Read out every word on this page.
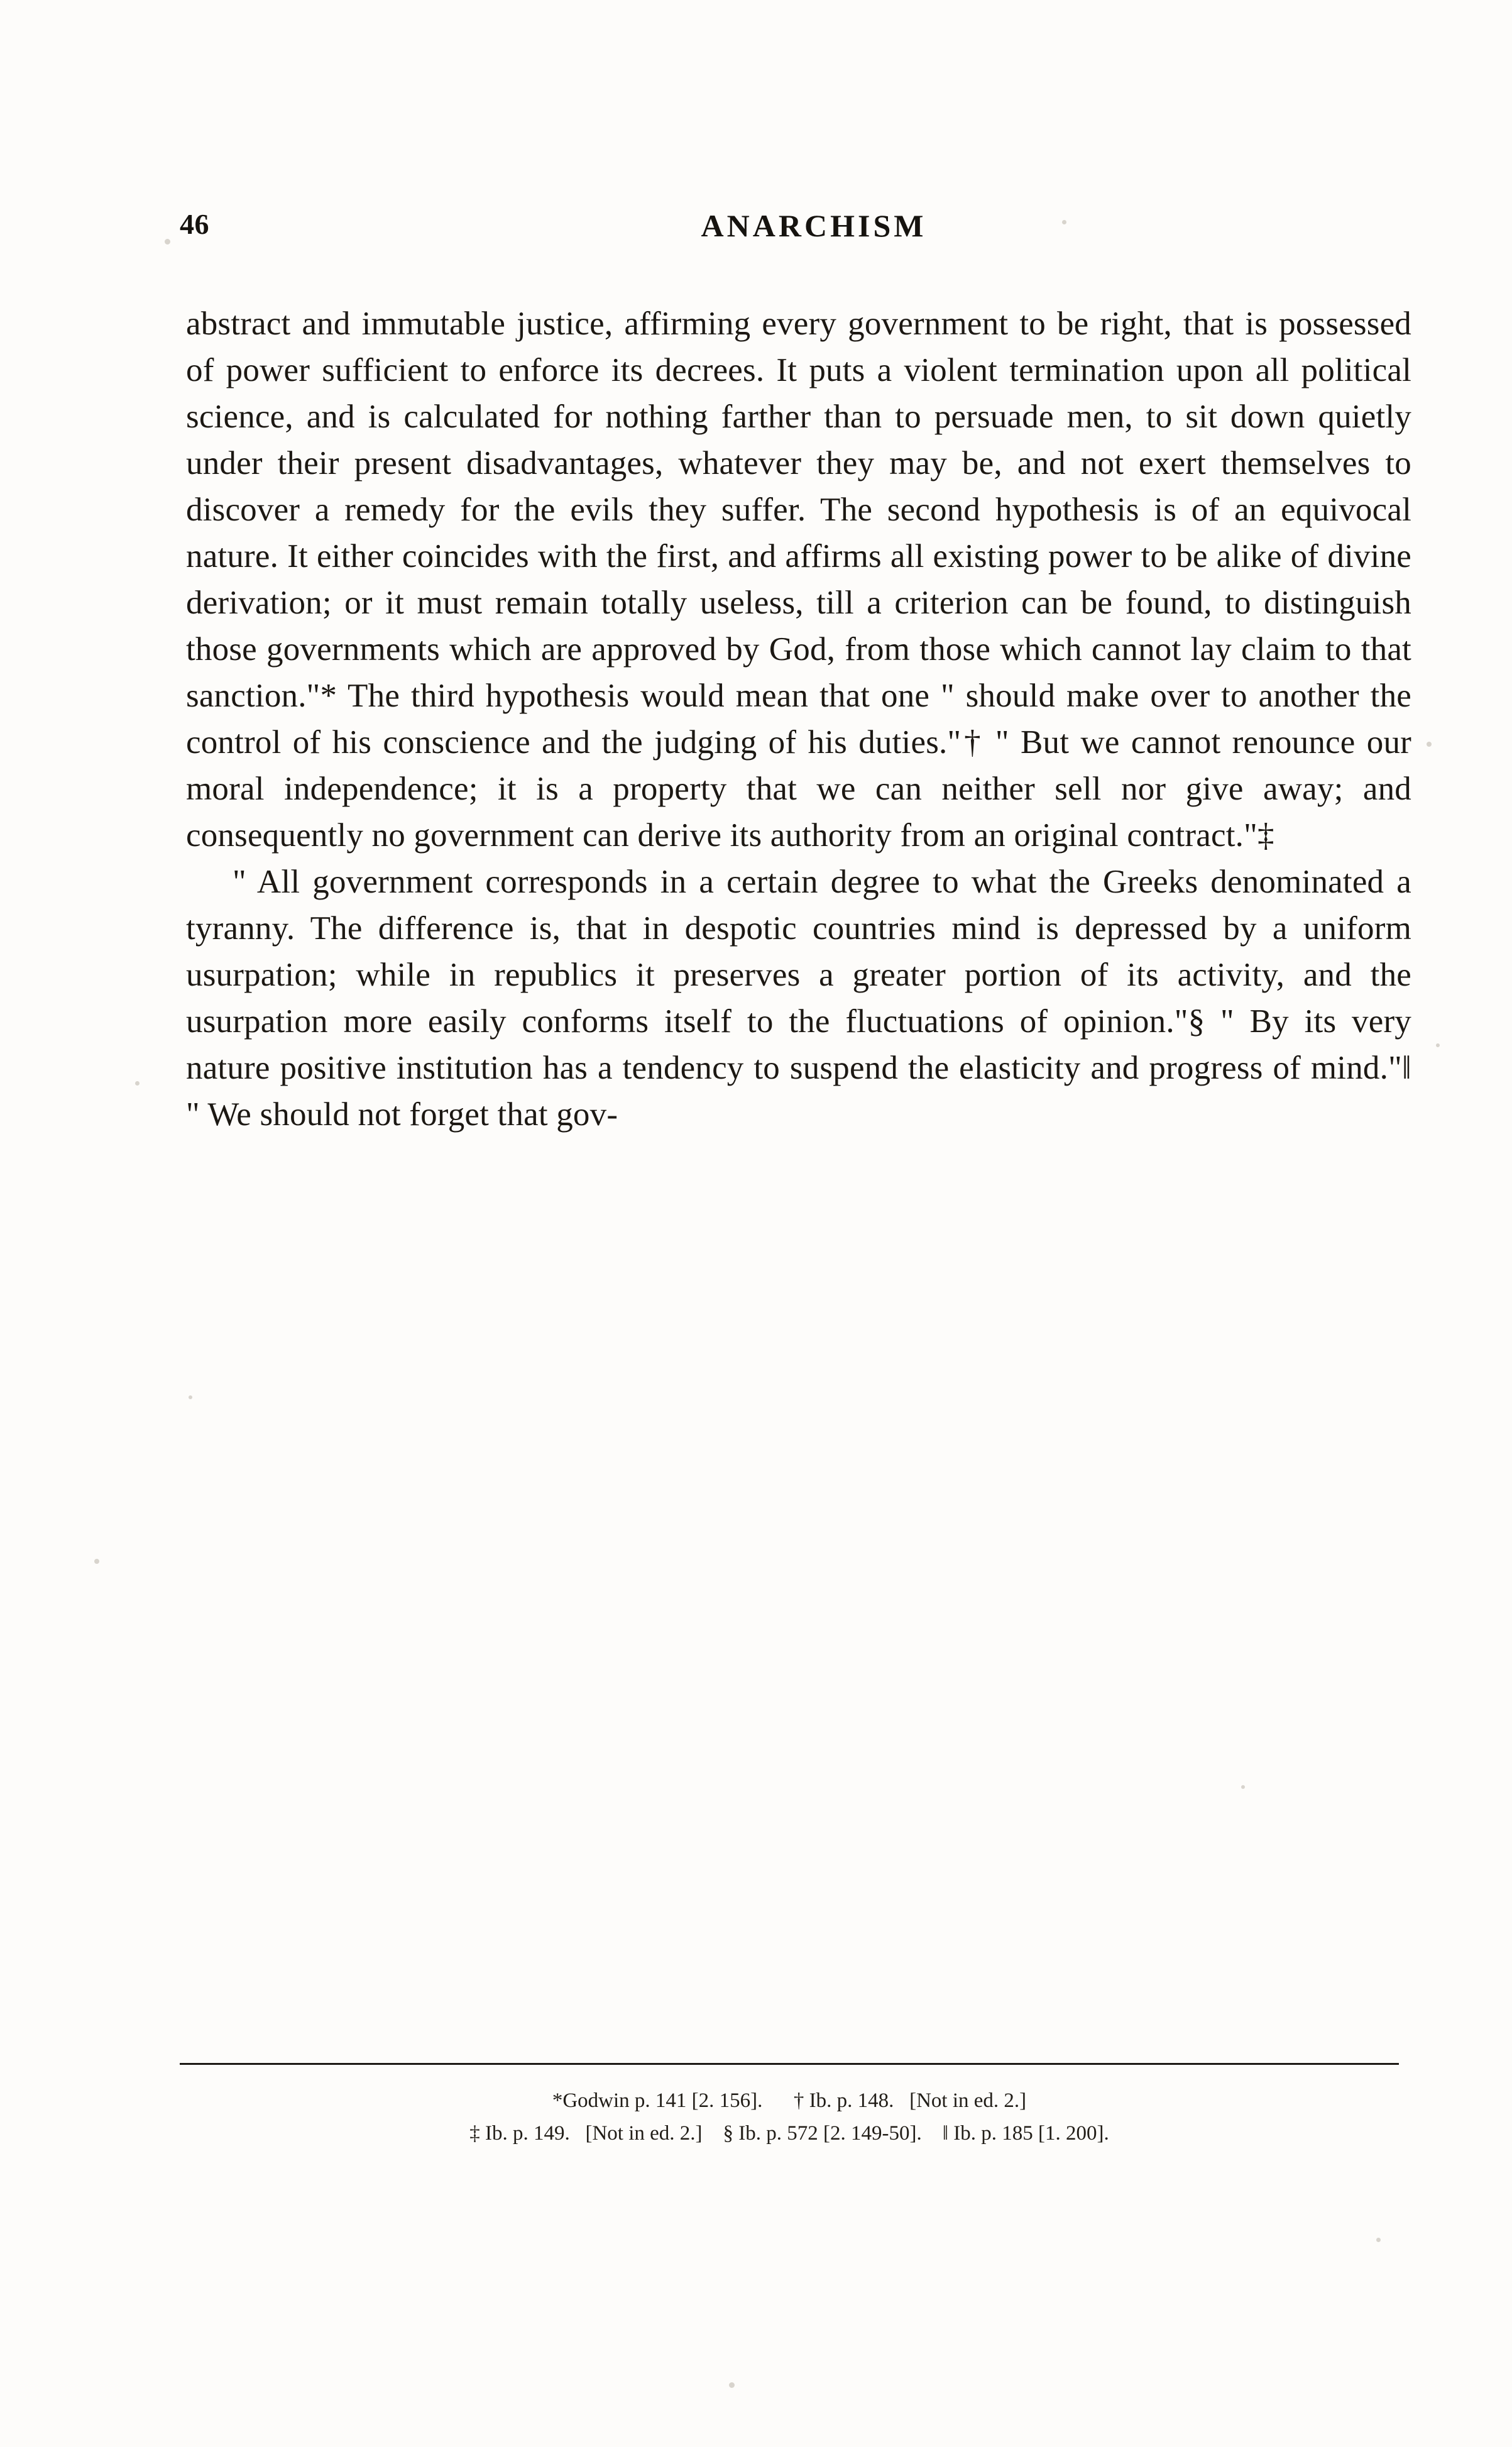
46	ANARCHISM

abstract and immutable justice, affirming every government to be right, that is possessed of power sufficient to enforce its decrees. It puts a violent termination upon all political science, and is calculated for nothing farther than to persuade men, to sit down quietly under their present disadvantages, whatever they may be, and not exert themselves to discover a remedy for the evils they suffer. The second hypothesis is of an equivocal nature. It either coincides with the first, and affirms all existing power to be alike of divine derivation; or it must remain totally useless, till a criterion can be found, to distinguish those governments which are approved by God, from those which cannot lay claim to that sanction."* The third hypothesis would mean that one " should make over to another the control of his conscience and the judging of his duties."† " But we cannot renounce our moral independence; it is a property that we can neither sell nor give away; and consequently no government can derive its authority from an original contract."‡

" All government corresponds in a certain degree to what the Greeks denominated a tyranny. The difference is, that in despotic countries mind is depressed by a uniform usurpation; while in republics it preserves a greater portion of its activity, and the usurpation more easily conforms itself to the fluctuations of opinion."§ " By its very nature positive institution has a tendency to suspend the elasticity and progress of mind."‖ " We should not forget that gov-

*Godwin p. 141 [2. 156]. † Ib. p. 148.   [Not in ed. 2.]
‡ Ib. p. 149.   [Not in ed. 2.] § Ib. p. 572 [2. 149-50]. ‖ Ib. p. 185 [1. 200].
